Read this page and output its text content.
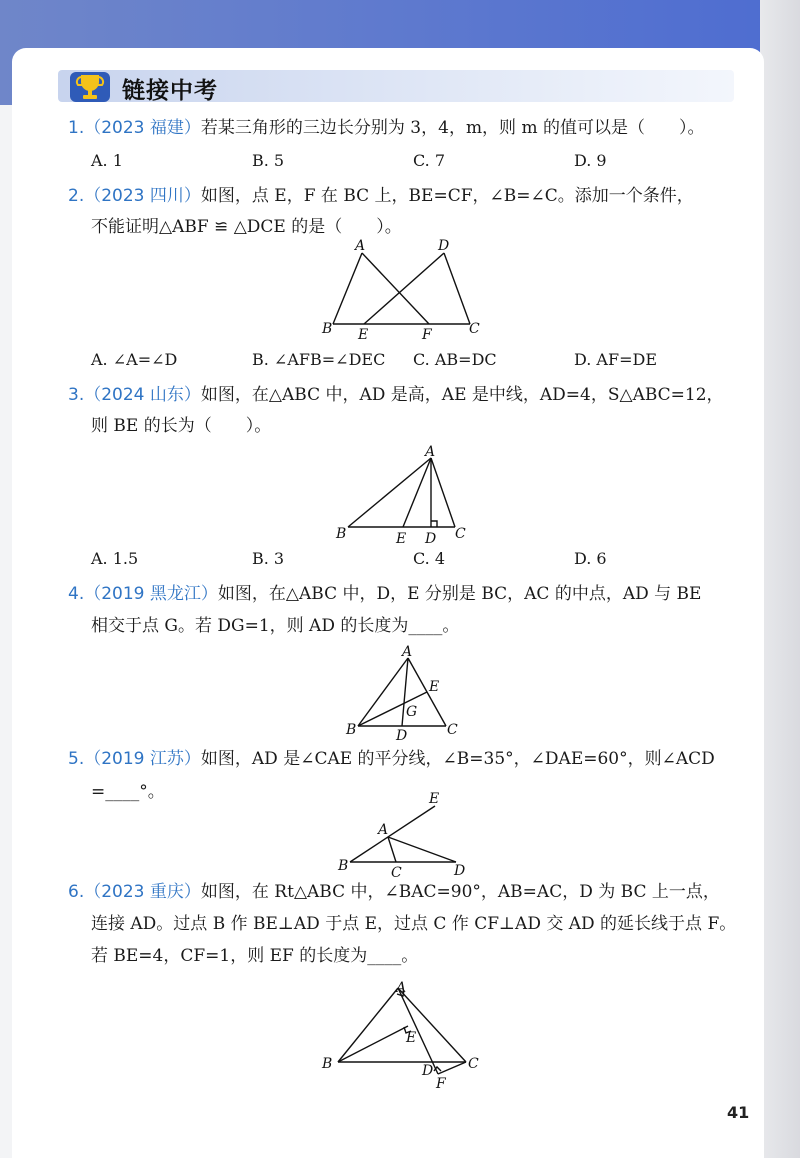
链接中考
1.（2023 福建）若某三角形的三边长分别为 3，4，m，则 m 的值可以是（　　）。
A. 1	B. 5	C. 7	D. 9
2.（2023 四川）如图，点 E，F 在 BC 上，BE=CF，∠B=∠C。添加一个条件，
不能证明△ABF ≌ △DCE 的是（　　）。
A	D
B E	F	C
A. ∠A=∠D	B. ∠AFB=∠DEC C. AB=DC	D. AF=DE
3.（2024 山东）如图，在△ABC 中，AD 是高，AE 是中线，AD=4，S△ABC=12，
则 BE 的长为（　　）。
A
B	E D C
A. 1.5	B. 3	C. 4	D. 6
4.（2019 黑龙江）如图，在△ABC 中，D，E 分别是 BC，AC 的中点，AD 与 BE
相交于点 G。若 DG=1，则 AD 的长度为____。
A
E
G
B	D	C
5.（2019 江苏）如图，AD 是∠CAE 的平分线，∠B=35°，∠DAE=60°，则∠ACD
=____°。	E
A
B	C	D
6.（2023 重庆）如图，在 Rt△ABC 中，∠BAC=90°，AB=AC，D 为 BC 上一点，
连接 AD。过点 B 作 BE⊥AD 于点 E，过点 C 作 CF⊥AD 交 AD 的延长线于点 F。
若 BE=4，CF=1，则 EF 的长度为____。
A
E
B	C
D
F
41
